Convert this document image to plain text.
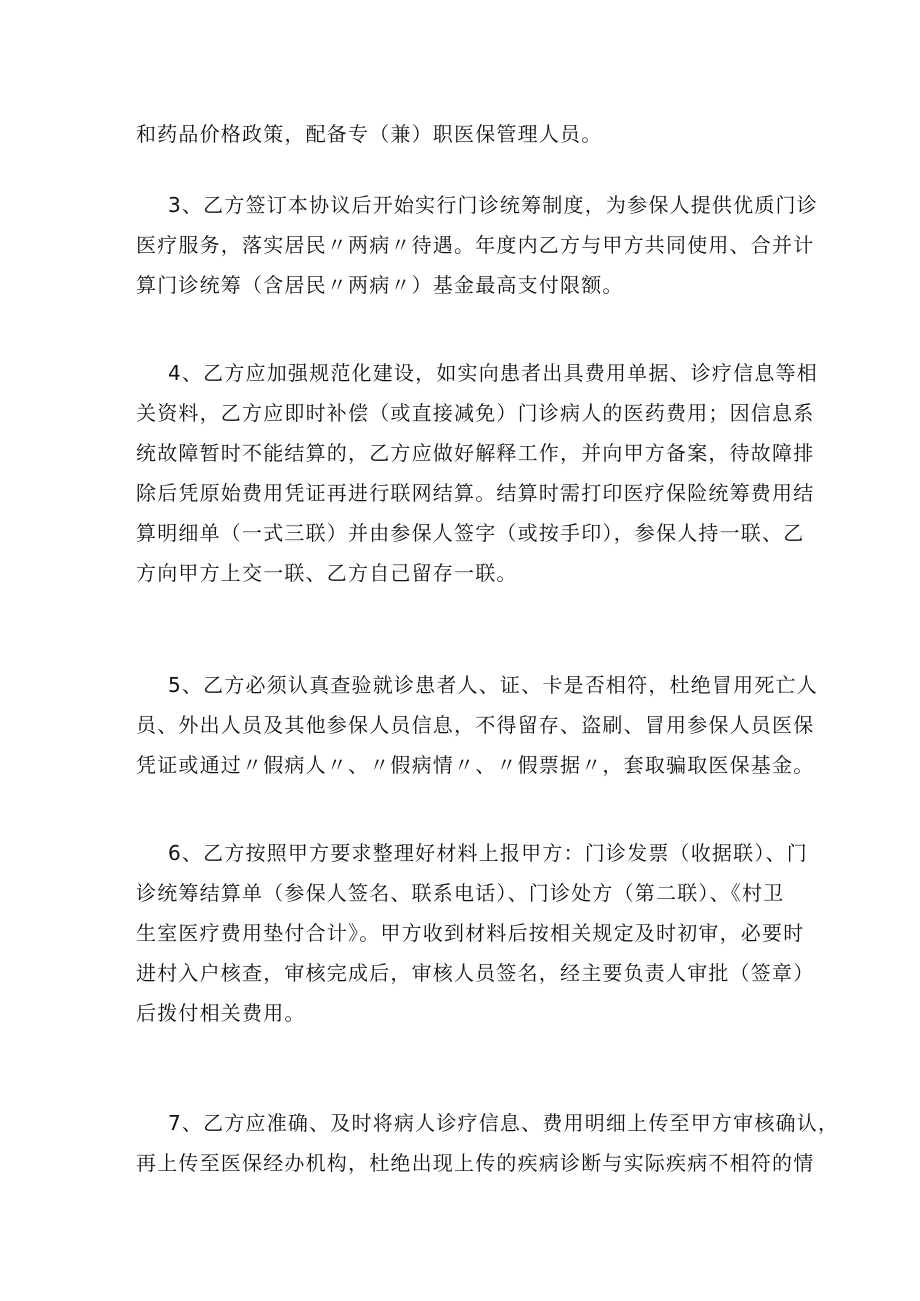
和药品价格政策，配备专（兼）职医保管理人员。

3、乙方签订本协议后开始实行门诊统筹制度，为参保人提供优质门诊
医疗服务，落实居民〃两病〃待遇。年度内乙方与甲方共同使用、合并计
算门诊统筹（含居民〃两病〃）基金最高支付限额。

4、乙方应加强规范化建设，如实向患者出具费用单据、诊疗信息等相
关资料，乙方应即时补偿（或直接减免）门诊病人的医药费用；因信息系
统故障暂时不能结算的，乙方应做好解释工作，并向甲方备案，待故障排
除后凭原始费用凭证再进行联网结算。结算时需打印医疗保险统筹费用结
算明细单（一式三联）并由参保人签字（或按手印），参保人持一联、乙
方向甲方上交一联、乙方自己留存一联。

5、乙方必须认真查验就诊患者人、证、卡是否相符，杜绝冒用死亡人
员、外出人员及其他参保人员信息，不得留存、盗刷、冒用参保人员医保
凭证或通过〃假病人〃、〃假病情〃、〃假票据〃，套取骗取医保基金。

6、乙方按照甲方要求整理好材料上报甲方：门诊发票（收据联）、门
诊统筹结算单（参保人签名、联系电话）、门诊处方（第二联）、《村卫
生室医疗费用垫付合计》。甲方收到材料后按相关规定及时初审，必要时
进村入户核查，审核完成后，审核人员签名，经主要负责人审批（签章）
后拨付相关费用。

7、乙方应准确、及时将病人诊疗信息、费用明细上传至甲方审核确认，
再上传至医保经办机构，杜绝出现上传的疾病诊断与实际疾病不相符的情
